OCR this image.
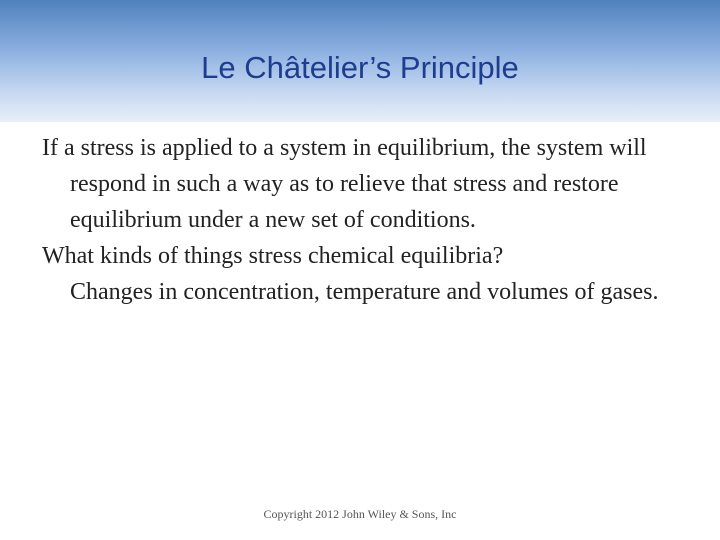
Le Châtelier’s Principle

If a stress is applied to a system in equilibrium, the system will respond in such a way as to relieve that stress and restore equilibrium under a new set of conditions.

What kinds of things stress chemical equilibria?

Changes in concentration, temperature and volumes of gases.

Copyright 2012 John Wiley & Sons, Inc
